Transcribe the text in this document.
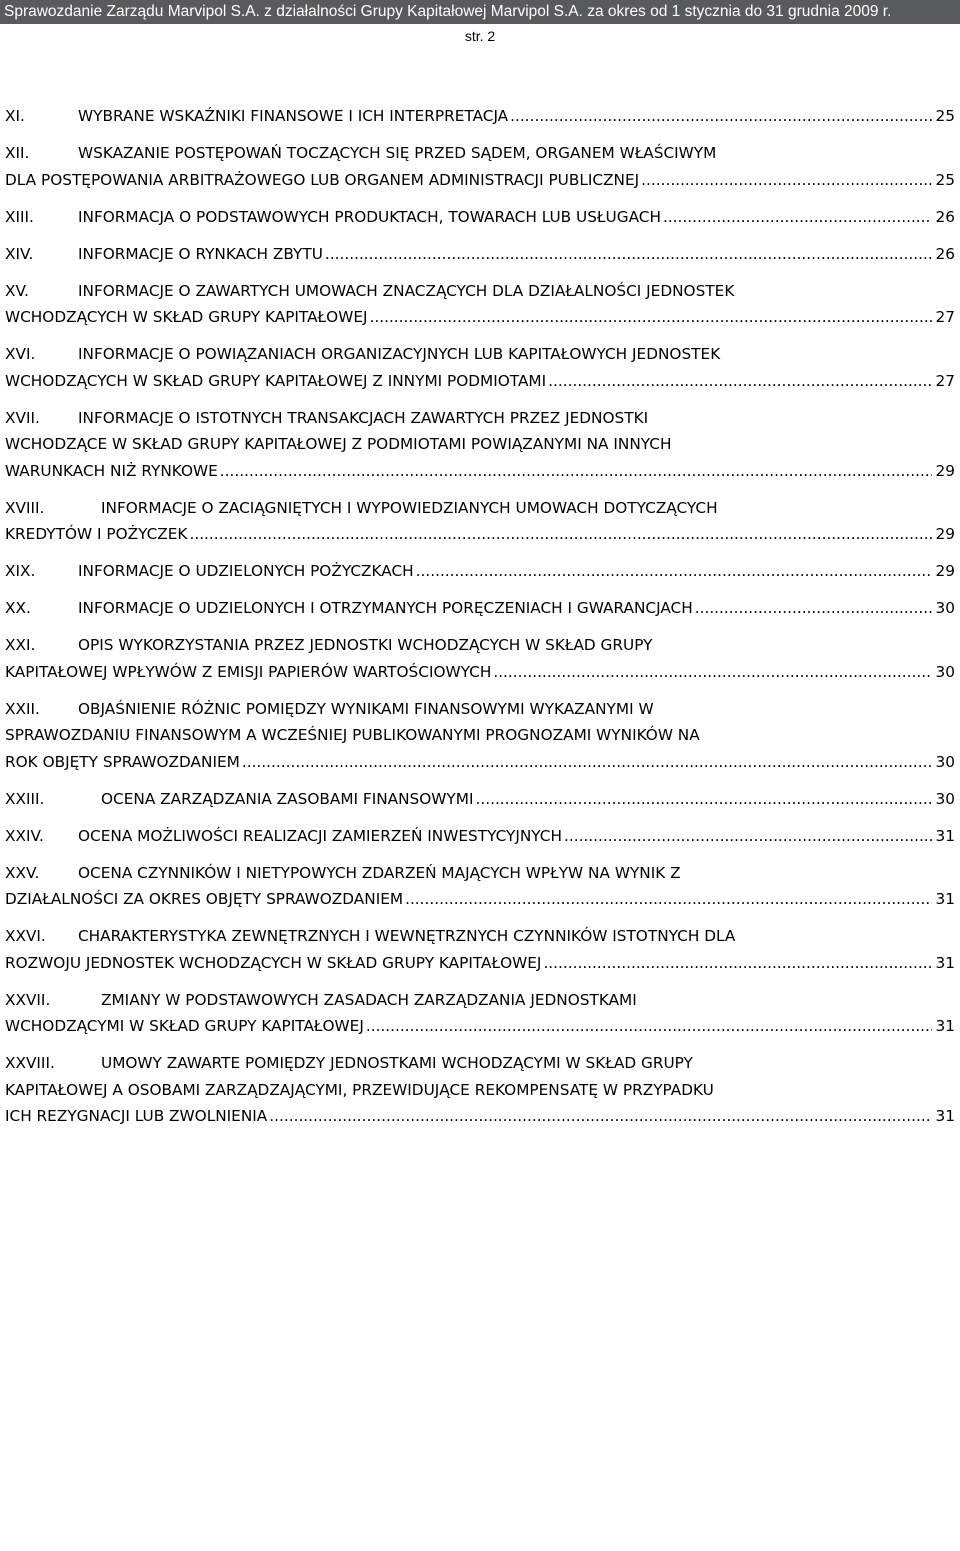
Sprawozdanie Zarządu Marvipol S.A. z działalności Grupy Kapitałowej Marvipol S.A. za okres od 1 stycznia do 31 grudnia 2009 r.
str. 2
XI.	WYBRANE WSKAŹNIKI FINANSOWE I ICH INTERPRETACJA .....	25
XII.	WSKAZANIE POSTĘPOWAŃ TOCZĄCYCH SIĘ PRZED SĄDEM, ORGANEM WŁAŚCIWYM
DLA POSTĘPOWANIA ARBITRAŻOWEGO LUB ORGANEM ADMINISTRACJI PUBLICZNEJ .....	25
XIII.	INFORMACJA O PODSTAWOWYCH PRODUKTACH, TOWARACH LUB USŁUGACH .....	26
XIV.	INFORMACJE O RYNKACH ZBYTU .....	26
XV.	INFORMACJE O ZAWARTYCH UMOWACH ZNACZĄCYCH DLA DZIAŁALNOŚCI JEDNOSTEK
WCHODZĄCYCH W SKŁAD GRUPY KAPITAŁOWEJ .....	27
XVI.	INFORMACJE O POWIĄZANIACH ORGANIZACYJNYCH LUB KAPITAŁOWYCH JEDNOSTEK
WCHODZĄCYCH W SKŁAD GRUPY KAPITAŁOWEJ Z INNYMI PODMIOTAMI .....	27
XVII. INFORMACJE O ISTOTNYCH TRANSAKCJACH ZAWARTYCH PRZEZ JEDNOSTKI
WCHODZĄCE W SKŁAD GRUPY KAPITAŁOWEJ Z PODMIOTAMI POWIĄZANYMI NA INNYCH
WARUNKACH NIŻ RYNKOWE .....	29
XVIII.	INFORMACJE O ZACIĄGNIĘTYCH I WYPOWIEDZIANYCH UMOWACH DOTYCZĄCYCH
KREDYTÓW I POŻYCZEK .....	29
XIX.	INFORMACJE O UDZIELONYCH POŻYCZKACH .....	29
XX.	INFORMACJE O UDZIELONYCH I OTRZYMANYCH PORĘCZENIACH I GWARANCJACH .....	30
XXI.	OPIS WYKORZYSTANIA PRZEZ JEDNOSTKI WCHODZĄCYCH W SKŁAD GRUPY
KAPITAŁOWEJ WPŁYWÓW Z EMISJI PAPIERÓW WARTOŚCIOWYCH .....	30
XXII. OBJAŚNIENIE RÓŻNIC POMIĘDZY WYNIKAMI FINANSOWYMI WYKAZANYMI W
SPRAWOZDANIU FINANSOWYM A WCZEŚNIEJ PUBLIKOWANYMI PROGNOZAMI WYNIKÓW NA
ROK OBJĘTY SPRAWOZDANIEM .....	30
XXIII.	OCENA ZARZĄDZANIA ZASOBAMI FINANSOWYMI .....	30
XXIV. OCENA MOŻLIWOŚCI REALIZACJI ZAMIERZEŃ INWESTYCYJNYCH .....	31
XXV.	OCENA CZYNNIKÓW I NIETYPOWYCH ZDARZEŃ MAJĄCYCH WPŁYW NA WYNIK Z
DZIAŁALNOŚCI ZA OKRES OBJĘTY SPRAWOZDANIEM .....	31
XXVI. CHARAKTERYSTYKA ZEWNĘTRZNYCH I WEWNĘTRZNYCH CZYNNIKÓW ISTOTNYCH DLA
ROZWOJU JEDNOSTEK WCHODZĄCYCH W SKŁAD GRUPY KAPITAŁOWEJ .....	31
XXVII.	ZMIANY W PODSTAWOWYCH ZASADACH ZARZĄDZANIA JEDNOSTKAMI
WCHODZĄCYMI W SKŁAD GRUPY KAPITAŁOWEJ .....	31
XXVIII.	UMOWY ZAWARTE POMIĘDZY JEDNOSTKAMI WCHODZĄCYMI W SKŁAD GRUPY
KAPITAŁOWEJ A OSOBAMI ZARZĄDZAJĄCYMI, PRZEWIDUJĄCE REKOMPENSATĘ W PRZYPADKU
ICH REZYGNACJI LUB ZWOLNIENIA .....	31
